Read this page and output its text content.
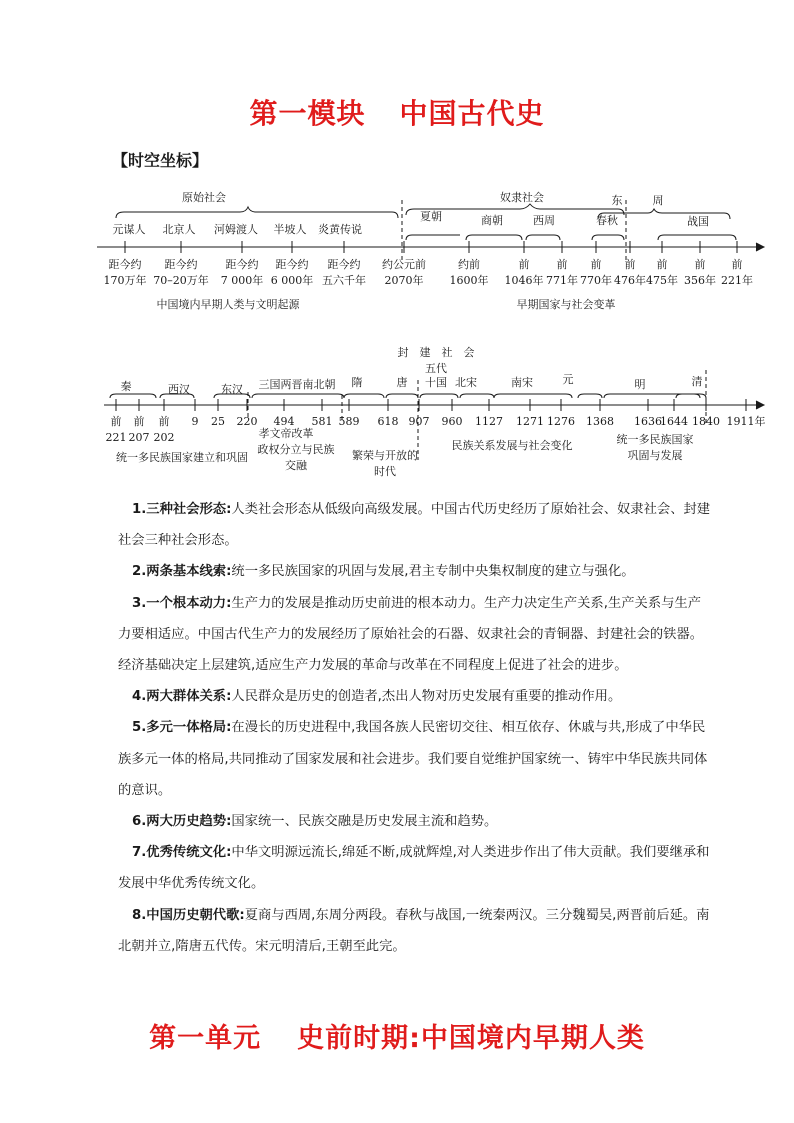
第一模块 中国古代史
【时空坐标】
原始社会	奴隶社会	东	周
元谋人 北京人 河姆渡人 半坡人 炎黄传说
夏朝	商朝	西周	春秋	战国
距今约
170万年
距今约
70–20万年
距今约
7 000年
距今约
6 000年
距今约
五六千年
约公元前
2070年
约前
1600年
前
1046年
前
771年
前
770年
前
476年
前
475年
前
356年
前
221年
中国境内早期人类与文明起源	早期国家与社会变革
封　建　社　会
秦	西汉	东汉 三国两晋南北朝 隋	唐
五代
十国 北宋	南宋	元	明	清
前 前 前 9 25 220 494 581 589 618 907 960 1127 1271 1276 1368 1636
1644 1840 1911年
221 207 202
统一多民族国家建立和巩固
孝文帝改革
政权分立与民族
交融
繁荣与开放的
时代
民族关系发展与社会变化	统一多民族国家
巩固与发展

1.三种社会形态:人类社会形态从低级向高级发展。中国古代历史经历了原始社会、奴隶社会、封建社会三种社会形态。

2.两条基本线索:统一多民族国家的巩固与发展,君主专制中央集权制度的建立与强化。

3.一个根本动力:生产力的发展是推动历史前进的根本动力。生产力决定生产关系,生产关系与生产力要相适应。中国古代生产力的发展经历了原始社会的石器、奴隶社会的青铜器、封建社会的铁器。经济基础决定上层建筑,适应生产力发展的革命与改革在不同程度上促进了社会的进步。

4.两大群体关系:人民群众是历史的创造者,杰出人物对历史发展有重要的推动作用。

5.多元一体格局:在漫长的历史进程中,我国各族人民密切交往、相互依存、休戚与共,形成了中华民族多元一体的格局,共同推动了国家发展和社会进步。我们要自觉维护国家统一、铸牢中华民族共同体的意识。

6.两大历史趋势:国家统一、民族交融是历史发展主流和趋势。

7.优秀传统文化:中华文明源远流长,绵延不断,成就辉煌,对人类进步作出了伟大贡献。我们要继承和发展中华优秀传统文化。

8.中国历史朝代歌:夏商与西周,东周分两段。春秋与战国,一统秦两汉。三分魏蜀吴,两晋前后延。南北朝并立,隋唐五代传。宋元明清后,王朝至此完。

第一单元 史前时期:中国境内早期人类
